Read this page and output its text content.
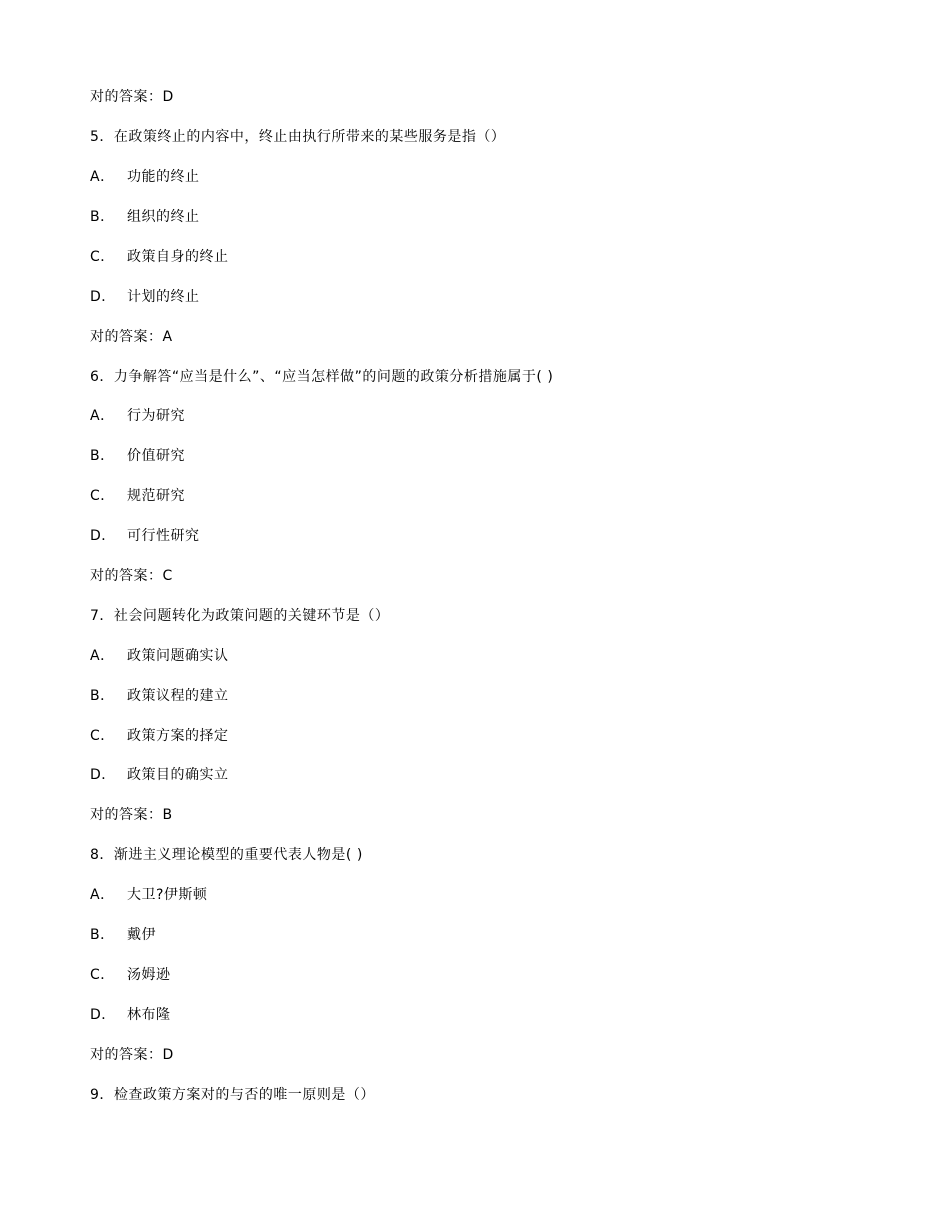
对的答案：D
5．在政策终止的内容中，终止由执行所带来的某些服务是指（）
A． 功能的终止
B． 组织的终止
C． 政策自身的终止
D． 计划的终止
对的答案：A
6．力争解答“应当是什么”、“应当怎样做”的问题的政策分析措施属于( )
A． 行为研究
B． 价值研究
C． 规范研究
D． 可行性研究
对的答案：C
7．社会问题转化为政策问题的关键环节是（）
A． 政策问题确实认
B． 政策议程的建立
C． 政策方案的择定
D． 政策目的确实立
对的答案：B
8．渐进主义理论模型的重要代表人物是( )
A． 大卫?伊斯顿
B． 戴伊
C． 汤姆逊
D． 林布隆
对的答案：D
9．检查政策方案对的与否的唯一原则是（）
